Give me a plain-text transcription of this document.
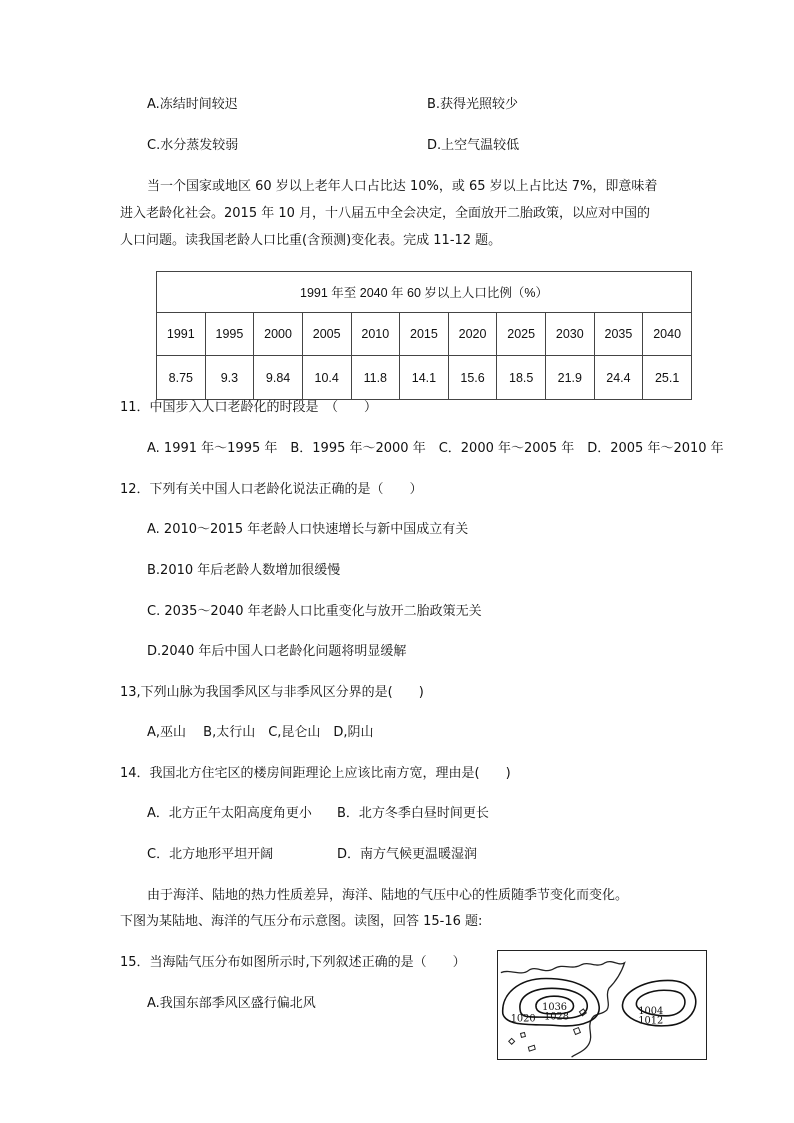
A.冻结时间较迟	B.获得光照较少
C.水分蒸发较弱	D.上空气温较低
当一个国家或地区 60 岁以上老年人口占比达 10%，或 65 岁以上占比达 7%，即意味着
进入老龄化社会。2015 年 10 月，十八届五中全会决定，全面放开二胎政策，以应对中国的
人口问题。读我国老龄人口比重(含预测)变化表。完成 11-12 题。
1991 年至 2040 年 60 岁以上人口比例（%）										
1991	1995	2000	2005	2010	2015	2020	2025	2030	2035	2040
8.75	9.3	9.84	10.4	11.8	14.1	15.6	18.5	21.9	24.4	25.1
11．中国步入人口老龄化的时段是　（　　）
A. 1991 年～1995 年　B．1995 年～2000 年　C．2000 年～2005 年　D．2005 年～2010 年
12．下列有关中国人口老龄化说法正确的是（　　）
A. 2010～2015 年老龄人口快速增长与新中国成立有关
B.2010 年后老龄人数增加很缓慢
C. 2035～2040 年老龄人口比重变化与放开二胎政策无关
D.2040 年后中国人口老龄化问题将明显缓解
13,下列山脉为我国季风区与非季风区分界的是(　　)
A,巫山　 B,太行山　C,昆仑山　D,阴山
14．我国北方住宅区的楼房间距理论上应该比南方宽，理由是(　　)
A．北方正午太阳高度角更小 B．北方冬季白昼时间更长
C．北方地形平坦开阔	D．南方气候更温暖湿润
由于海洋、陆地的热力性质差异，海洋、陆地的气压中心的性质随季节变化而变化。
下图为某陆地、海洋的气压分布示意图。读图，回答 15-16 题:
15．当海陆气压分布如图所示时,下列叙述正确的是（　　）
A.我国东部季风区盛行偏北风	1036
1028
1020
1004
1012
